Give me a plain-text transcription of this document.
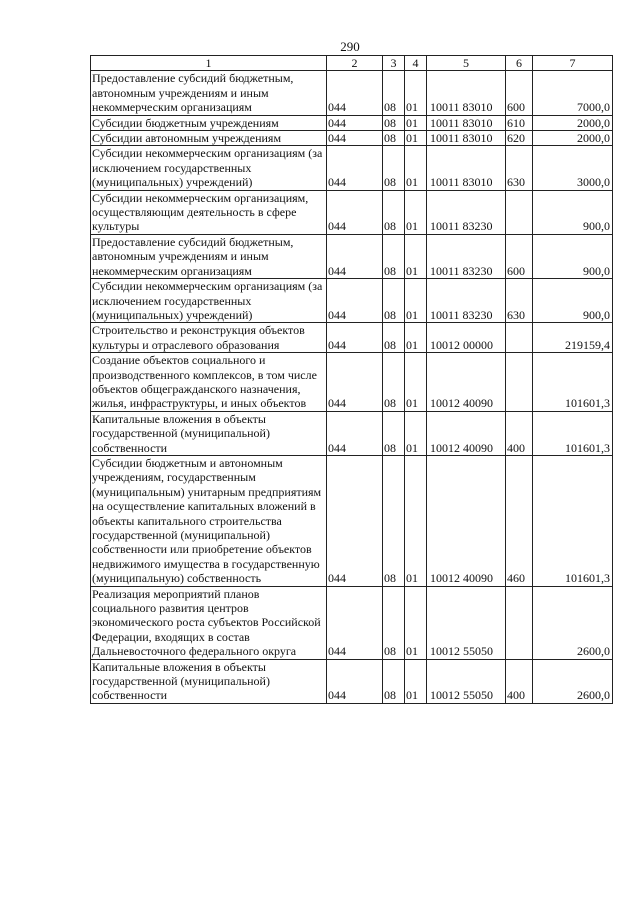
290
1	2	3	4	5	6	7
Предоставление субсидий бюджетным, автономным учреждениям и иным некоммерческим организациям	044	08	01	10011 83010	600	7000,0
Субсидии бюджетным учреждениям	044	08	01	10011 83010	610	2000,0
Субсидии автономным учреждениям	044	08	01	10011 83010	620	2000,0
Субсидии некоммерческим организациям (за исключением государственных (муниципальных) учреждений)	044	08	01	10011 83010	630	3000,0
Субсидии некоммерческим организациям, осуществляющим деятельность в сфере культуры	044	08	01	10011 83230		900,0
Предоставление субсидий бюджетным, автономным учреждениям и иным некоммерческим организациям	044	08	01	10011 83230	600	900,0
Субсидии некоммерческим организациям (за исключением государственных (муниципальных) учреждений)	044	08	01	10011 83230	630	900,0
Строительство и реконструкция объектов культуры и отраслевого образования	044	08	01	10012 00000		219159,4
Создание объектов социального и производственного комплексов, в том числе объектов общегражданского назначения, жилья, инфраструктуры, и иных объектов	044	08	01	10012 40090		101601,3
Капитальные вложения в объекты государственной (муниципальной) собственности	044	08	01	10012 40090	400	101601,3
Субсидии бюджетным и автономным учреждениям, государственным (муниципальным) унитарным предприятиям на осуществление капитальных вложений в объекты капитального строительства государственной (муниципальной) собственности или приобретение объектов недвижимого имущества в государственную (муниципальную) собственность	044	08	01	10012 40090	460	101601,3
Реализация мероприятий планов социального развития центров экономического роста субъектов Российской Федерации, входящих в состав Дальневосточного федерального округа	044	08	01	10012 55050		2600,0
Капитальные вложения в объекты государственной (муниципальной) собственности	044	08	01	10012 55050	400	2600,0
